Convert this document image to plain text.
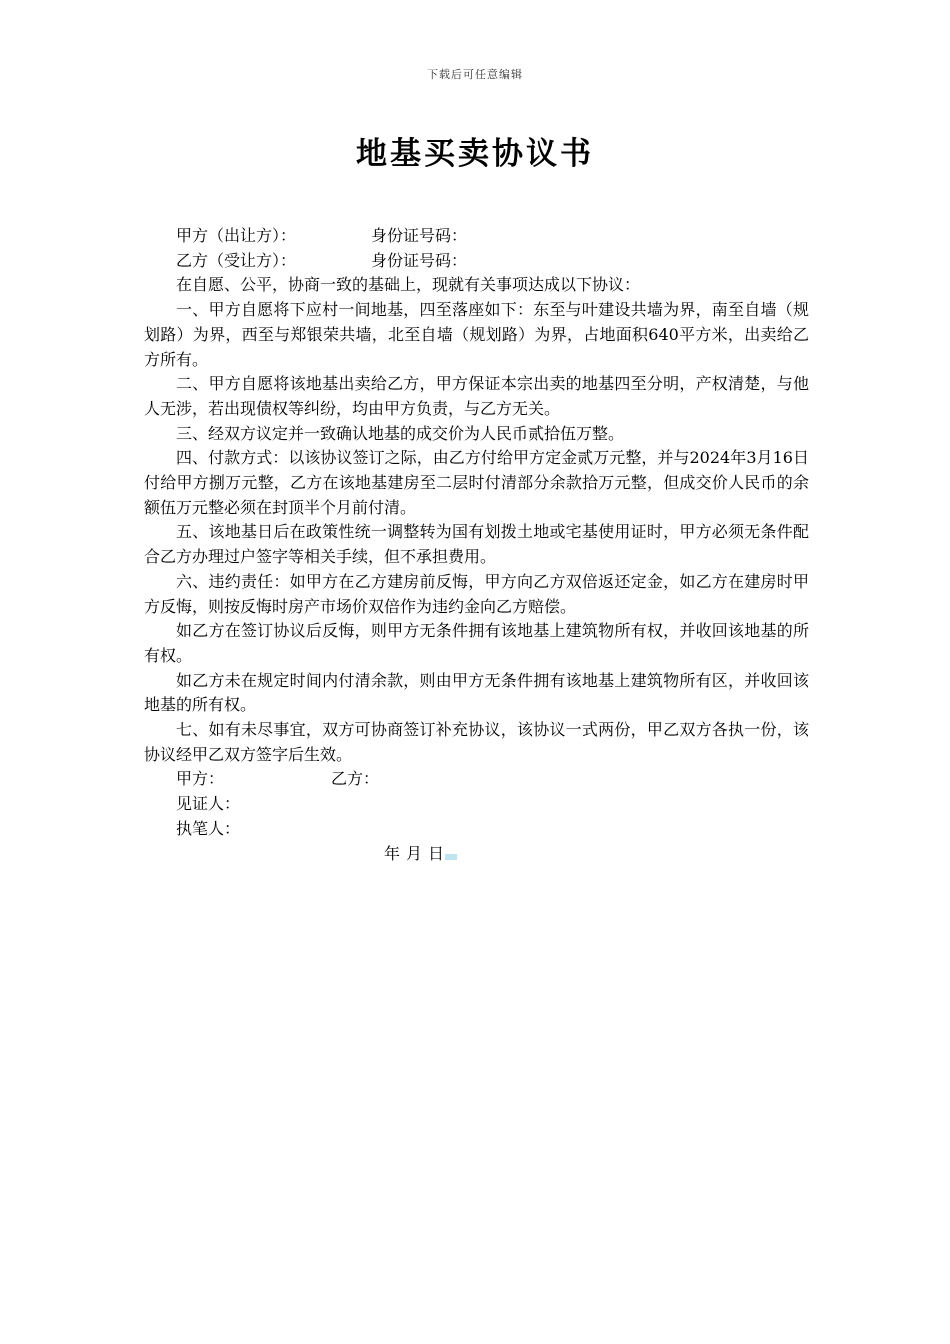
下载后可任意编辑
地基买卖协议书

甲方（出让方）：	身份证号码：

乙方（受让方）：	身份证号码：

在自愿、公平，协商一致的基础上，现就有关事项达成以下协议：

一、甲方自愿将下应村一间地基，四至落座如下：东至与叶建设共墙为界，南至自墙（规划路）为界，西至与郑银荣共墙，北至自墙（规划路）为界，占地面积640平方米，出卖给乙方所有。

二、甲方自愿将该地基出卖给乙方，甲方保证本宗出卖的地基四至分明，产权清楚，与他人无涉，若出现债权等纠纷，均由甲方负责，与乙方无关。

三、经双方议定并一致确认地基的成交价为人民币贰拾伍万整。

四、付款方式：以该协议签订之际，由乙方付给甲方定金贰万元整，并与2024年3月16日付给甲方捌万元整，乙方在该地基建房至二层时付清部分余款拾万元整，但成交价人民币的余额伍万元整必须在封顶半个月前付清。

五、该地基日后在政策性统一调整转为国有划拨土地或宅基使用证时，甲方必须无条件配合乙方办理过户签字等相关手续，但不承担费用。

六、违约责任：如甲方在乙方建房前反悔，甲方向乙方双倍返还定金，如乙方在建房时甲方反悔，则按反悔时房产市场价双倍作为违约金向乙方赔偿。

如乙方在签订协议后反悔，则甲方无条件拥有该地基上建筑物所有权，并收回该地基的所有权。

如乙方未在规定时间内付清余款，则由甲方无条件拥有该地基上建筑物所有区，并收回该地基的所有权。

七、如有未尽事宜，双方可协商签订补充协议，该协议一式两份，甲乙双方各执一份，该协议经甲乙双方签字后生效。

甲方：	乙方：

见证人：

执笔人：

年 月 日
